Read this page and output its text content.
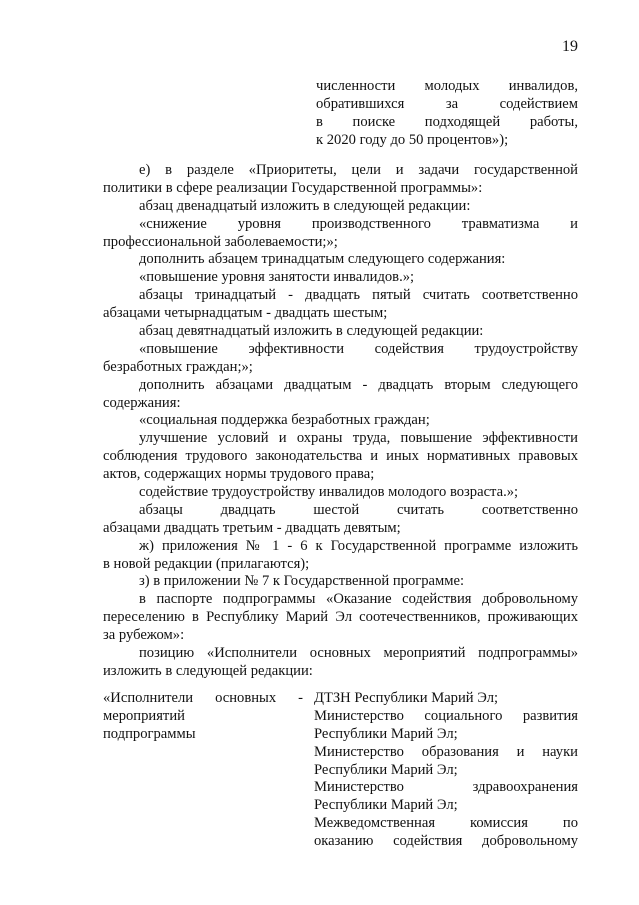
19
численности молодых инвалидов,
обратившихся за содействием
в поиске подходящей работы,
к 2020 году до 50 процентов»);
е) в разделе «Приоритеты, цели и задачи государственной
политики в сфере реализации Государственной программы»:
абзац двенадцатый изложить в следующей редакции:
«снижение уровня производственного травматизма и
профессиональной заболеваемости;»;
дополнить абзацем тринадцатым следующего содержания:
«повышение уровня занятости инвалидов.»;
абзацы тринадцатый - двадцать пятый считать соответственно
абзацами четырнадцатым - двадцать шестым;
абзац девятнадцатый изложить в следующей редакции:
«повышение эффективности содействия трудоустройству
безработных граждан;»;
дополнить абзацами двадцатым - двадцать вторым следующего
содержания:
«социальная поддержка безработных граждан;
улучшение условий и охраны труда, повышение эффективности
соблюдения трудового законодательства и иных нормативных правовых
актов, содержащих нормы трудового права;
содействие трудоустройству инвалидов молодого возраста.»;
абзацы двадцать шестой считать соответственно
абзацами двадцать третьим - двадцать девятым;
ж) приложения № 1 - 6 к Государственной программе изложить
в новой редакции (прилагаются);
з) в приложении № 7 к Государственной программе:
в паспорте подпрограммы «Оказание содействия добровольному
переселению в Республику Марий Эл соотечественников, проживающих
за рубежом»:
позицию «Исполнители основных мероприятий подпрограммы»
изложить в следующей редакции:
«Исполнители основных -
мероприятий
подпрограммы
ДТЗН Республики Марий Эл;
Министерство социального развития
Республики Марий Эл;
Министерство образования и науки
Республики Марий Эл;
Министерство здравоохранения
Республики Марий Эл;
Межведомственная комиссия по
оказанию содействия добровольному
